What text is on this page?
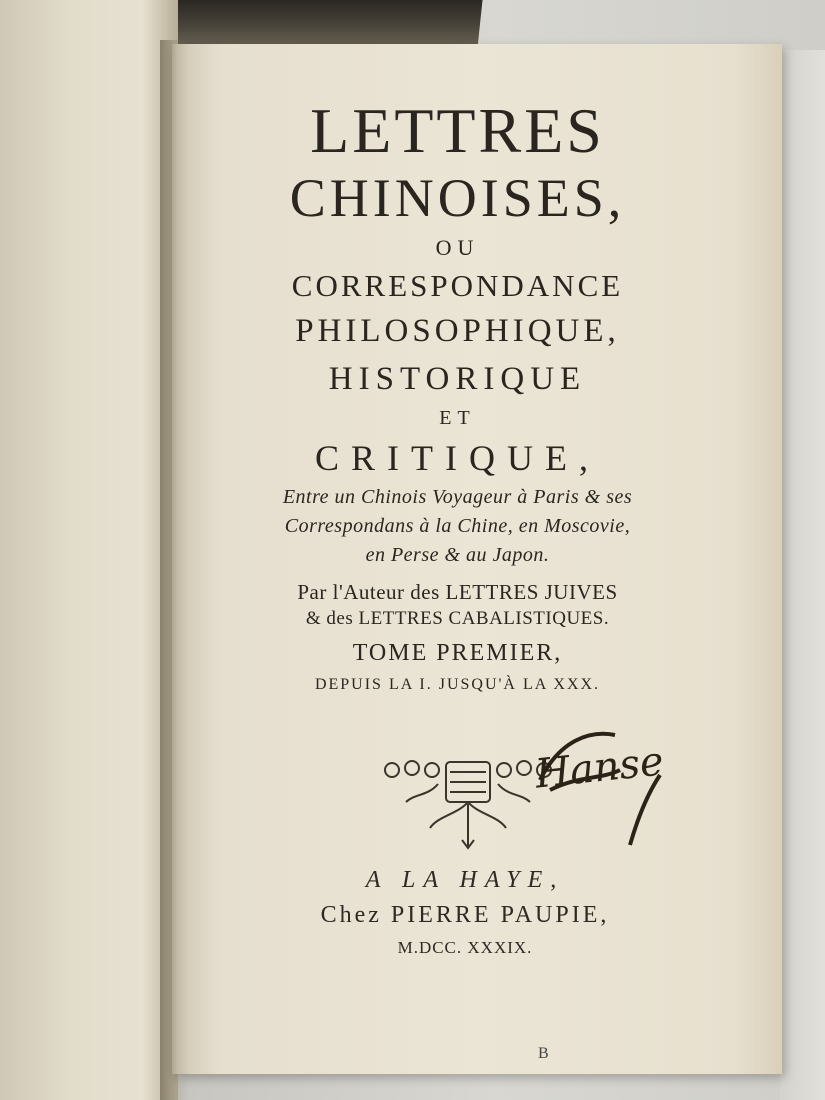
LETTRES
CHINOISES,
OU
CORRESPONDANCE
PHILOSOPHIQUE,
HISTORIQUE
ET
CRITIQUE,
Entre un Chinois Voyageur à Paris & ses
Correspondans à la Chine, en Moscovie,
en Perse & au Japon.
Par l'Auteur des LETTRES JUIVES
& des LETTRES CABALISTIQUES.
TOME PREMIER,
DEPUIS LA I. JUSQU'À LA XXX.
Hanse
A LA HAYE,
Chez PIERRE PAUPIE,
M.DCC. XXXIX.
B
